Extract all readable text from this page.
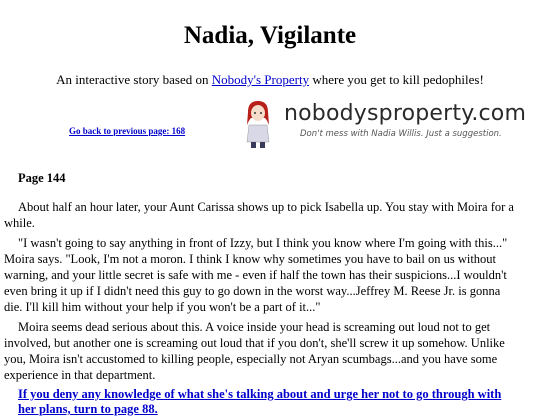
Nadia, Vigilante
An interactive story based on Nobody's Property where you get to kill pedophiles!
Go back to previous page: 168
nobodysproperty.com
Don't mess with Nadia Willis. Just a suggestion.
Page 144

About half an hour later, your Aunt Carissa shows up to pick Isabella up. You stay with Moira for a while.

"I wasn't going to say anything in front of Izzy, but I think you know where I'm going with this..." Moira says. "Look, I'm not a moron. I think I know why sometimes you have to bail on us without warning, and your little secret is safe with me - even if half the town has their suspicions...I wouldn't even bring it up if I didn't need this guy to go down in the worst way...Jeffrey M. Reese Jr. is gonna die. I'll kill him without your help if you won't be a part of it..."

Moira seems dead serious about this. A voice inside your head is screaming out loud not to get involved, but another one is screaming out loud that if you don't, she'll screw it up somehow. Unlike you, Moira isn't accustomed to killing people, especially not Aryan scumbags...and you have some experience in that department.

If you deny any knowledge of what she's talking about and urge her not to go through with her plans, turn to page 88.
